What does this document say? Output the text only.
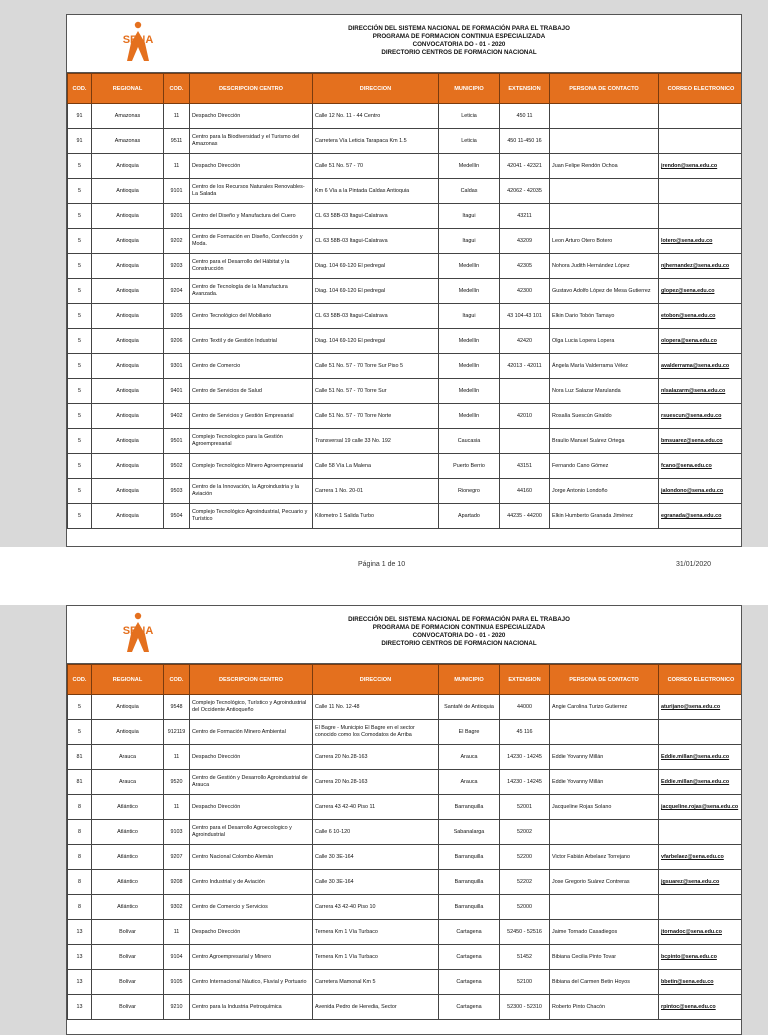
SENA
DIRECCIÓN DEL SISTEMA NACIONAL DE FORMACIÓN PARA EL TRABAJO
PROGRAMA DE FORMACION CONTINUA ESPECIALIZADA
CONVOCATORIA DO - 01 - 2020
DIRECTORIO CENTROS DE FORMACION NACIONAL
COD.	REGIONAL	COD.	DESCRIPCION CENTRO	DIRECCION	MUNICIPIO	EXTENSION	PERSONA DE CONTACTO	CORREO ELECTRONICO
91	Amazonas	11	Despacho Dirección	Calle 12 No. 11 - 44 Centro	Leticia	450 11		
91	Amazonas	9511	Centro para la Biodiversidad y el Turismo del Amazonas	Carretera Vía Leticia Tarapaca Km 1.5	Leticia	450 11-450 16		
5	Antioquia	11	Despacho Dirección	Calle 51 No. 57 - 70	Medellín	42041 - 42321	Juan Felipe Rendón Ochoa	jrendon@sena.edu.co
5	Antioquia	9101	Centro de los Recursos Naturales Renovables- La Salada	Km 6 Vía a la Pintada Caldas Antioquia	Caldas	42062 - 42035		
5	Antioquia	9201	Centro del Diseño y Manufactura del Cuero	CL 63 58B-03 Itagui-Calatrava	Itagui	43211		
5	Antioquia	9202	Centro de Formación en Diseño, Confección y Moda.	CL 63 58B-03 Itagui-Calatrava	Itagui	43209	Leon Arturo Otero Botero	lotero@sena.edu.co
5	Antioquia	9203	Centro para el Desarrollo del Hábitat y la Construcción	Diag. 104 69-120 El pedregal	Medellín	42305	Nohora Judith Hernández López	njhernandez@sena.edu.co
5	Antioquia	9204	Centro de Tecnología de la Manufactura Avanzada.	Diag. 104 69-120 El pedregal	Medellín	42300	Gustavo Adolfo López de Mesa Gutierrez	glopez@sena.edu.co
5	Antioquia	9205	Centro Tecnológico del Mobiliario	CL 63 58B-03 Itagui-Calatrava	Itagui	43 104-43 101	Elkin Dario Tobón Tamayo	etobon@sena.edu.co
5	Antioquia	9206	Centro Textil y de Gestión Industrial	Diag. 104 69-120 El pedregal	Medellín	42420	Olga Lucia Lopera Lopera	olopera@sena.edu.co
5	Antioquia	9301	Centro de Comercio	Calle 51 No. 57 - 70 Torre Sur Piso 5	Medellín	42013 - 42011	Ángela María Valderrama Vélez	avalderrama@sena.edu.co
5	Antioquia	9401	Centro de Servicios de Salud	Calle 51 No. 57 - 70 Torre Sur	Medellín		Nora Luz Salazar Marulanda	nlsalazarm@sena.edu.co
5	Antioquia	9402	Centro de Servicios y Gestión Empresarial	Calle 51 No. 57 - 70 Torre Norte	Medellín	42010	Rosalía Suescún Giraldo	rsuescun@sena.edu.co
5	Antioquia	9501	Complejo Tecnologico para la Gestión Agroempresarial	Transversal 19 calle 33 No. 192	Caucasia		Braulio Manuel Suárez Ortega	bmsuarez@sena.edu.co
5	Antioquia	9502	Complejo Tecnológico Minero Agroempresarial	Calle 58 Vía La Malena	Puerto Berrio	43151	Fernando Cano Gómez	fcano@sena.edu.co
5	Antioquia	9503	Centro de la Innovación, la Agroindustria y la Aviación	Carrera 1 No. 20-01	Rionegro	44160	Jorge Antonio Londoño	jalondono@sena.edu.co
5	Antioquia	9504	Complejo Tecnológico Agroindustrial, Pecuario y Turístico	Kilometro 1 Salida Turbo	Apartado	44235 - 44200	Elkin Humberto Granada Jiménez	egranada@sena.edu.co
Página 1 de 10	31/01/2020
SENA
DIRECCIÓN DEL SISTEMA NACIONAL DE FORMACIÓN PARA EL TRABAJO
PROGRAMA DE FORMACION CONTINUA ESPECIALIZADA
CONVOCATORIA DO - 01 - 2020
DIRECTORIO CENTROS DE FORMACION NACIONAL
COD.	REGIONAL	COD.	DESCRIPCION CENTRO	DIRECCION	MUNICIPIO	EXTENSION	PERSONA DE CONTACTO	CORREO ELECTRONICO
5	Antioquia	9548	Complejo Tecnológico, Turístico y Agroindustrial del Occidente Antioqueño	Calle 11 No. 12-48	Santafé de Antioquia	44000	Angie Carolina Turizo Gutierrez	aturijano@sena.edu.co
5	Antioquia	912119	Centro de Formación Minero Ambiental	El Bagre - Municipio El Bagre en el sector conocido como los Comodatos de Arriba	El Bagre	45 116		
81	Arauca	11	Despacho Dirección	Carrera 20 No.28-163	Arauca	14230 - 14245	Eddie Yovanny Millán	Eddie.millan@sena.edu.co
81	Arauca	9520	Centro de Gestión y Desarrollo Agroindustrial de Arauca	Carrera 20 No.28-163	Arauca	14230 - 14245	Eddie Yovanny Millán	Eddie.millan@sena.edu.co
8	Atlántico	11	Despacho Dirección	Carrera 43 42-40 Piso 11	Barranquilla	52001	Jacqueline Rojas Solano	jacqueline.rojas@sena.edu.co
8	Atlántico	9103	Centro para el Desarrollo Agroecologico y Agroindustrial	Calle 6 10-120	Sabanalarga	52002		
8	Atlántico	9207	Centro Nacional Colombo Alemán	Calle 30 3E-164	Barranquilla	52200	Victor Fabián Arbelaez Torrejano	vfarbelaez@sena.edu.co
8	Atlántico	9208	Centro Industrial y de Aviación	Calle 30 3E-164	Barranquilla	52202	Jose Gregorio Suárez Contreras	jgsuarez@sena.edu.co
8	Atlántico	9302	Centro de Comercio y Servicios	Carrera 43 42-40 Piso 10	Barranquilla	52000		
13	Bolívar	11	Despacho Dirección	Ternera Km 1 Vía Turbaco	Cartagena	52450 - 52516	Jaime Tornado Casadiegos	jtornadoc@sena.edu.co
13	Bolívar	9104	Centro Agroempresarial y Minero	Ternera Km 1 Vía Turbaco	Cartagena	51452	Bibiana Cecilia Pinto Tovar	bcpinto@sena.edu.co
13	Bolívar	9105	Centro Internacional Náutico, Fluvial y Portuario	Carretera Mamonal Km 5	Cartagena	52100	Bibiana del Carmen Betin Hoyos	bbetin@sena.edu.co
13	Bolívar	9210	Centro para la Industria Petroquímica	Avenida Pedro de Heredia, Sector	Cartagena	52300 - 52310	Roberto Pinto Chacón	rpintoc@sena.edu.co
